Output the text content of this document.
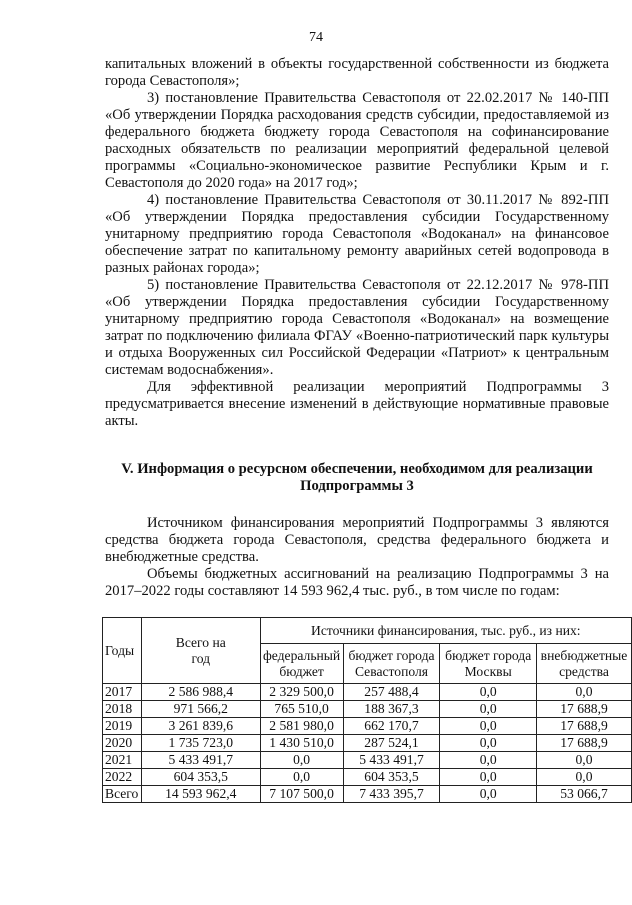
74

капитальных вложений в объекты государственной собственности из бюджета города Севастополя»;

3) постановление Правительства Севастополя от 22.02.2017 № 140-ПП «Об утверждении Порядка расходования средств субсидии, предоставляемой из федерального бюджета бюджету города Севастополя на софинансирование расходных обязательств по реализации мероприятий федеральной целевой программы «Социально-экономическое развитие Республики Крым и г. Севастополя до 2020 года» на 2017 год»;

4) постановление Правительства Севастополя от 30.11.2017 № 892-ПП «Об утверждении Порядка предоставления субсидии Государственному унитарному предприятию города Севастополя «Водоканал» на финансовое обеспечение затрат по капитальному ремонту аварийных сетей водопровода в разных районах города»;

5) постановление Правительства Севастополя от 22.12.2017 № 978-ПП «Об утверждении Порядка предоставления субсидии Государственному унитарному предприятию города Севастополя «Водоканал» на возмещение затрат по подключению филиала ФГАУ «Военно-патриотический парк культуры и отдыха Вооруженных сил Российской Федерации «Патриот» к центральным системам водоснабжения».

Для эффективной реализации мероприятий Подпрограммы 3 предусматривается внесение изменений в действующие нормативные правовые акты.

V. Информация о ресурсном обеспечении, необходимом для реализации
Подпрограммы 3

Источником финансирования мероприятий Подпрограммы 3 являются средства бюджета города Севастополя, средства федерального бюджета и внебюджетные средства.

Объемы бюджетных ассигнований на реализацию Подпрограммы 3 на 2017–2022 годы составляют 14 593 962,4 тыс. руб., в том числе по годам:

Годы	Всего на год	Источники финансирования, тыс. руб., из них:			

		федеральный бюджет	бюджет города Севастополя	бюджет города Москвы	внебюджетные средства

2017	2 586 988,4	2 329 500,0	257 488,4	0,0	0,0
2018	971 566,2	765 510,0	188 367,3	0,0	17 688,9
2019	3 261 839,6	2 581 980,0	662 170,7	0,0	17 688,9
2020	1 735 723,0	1 430 510,0	287 524,1	0,0	17 688,9
2021	5 433 491,7	0,0	5 433 491,7	0,0	0,0
2022	604 353,5	0,0	604 353,5	0,0	0,0
Всего	14 593 962,4	7 107 500,0	7 433 395,7	0,0	53 066,7
